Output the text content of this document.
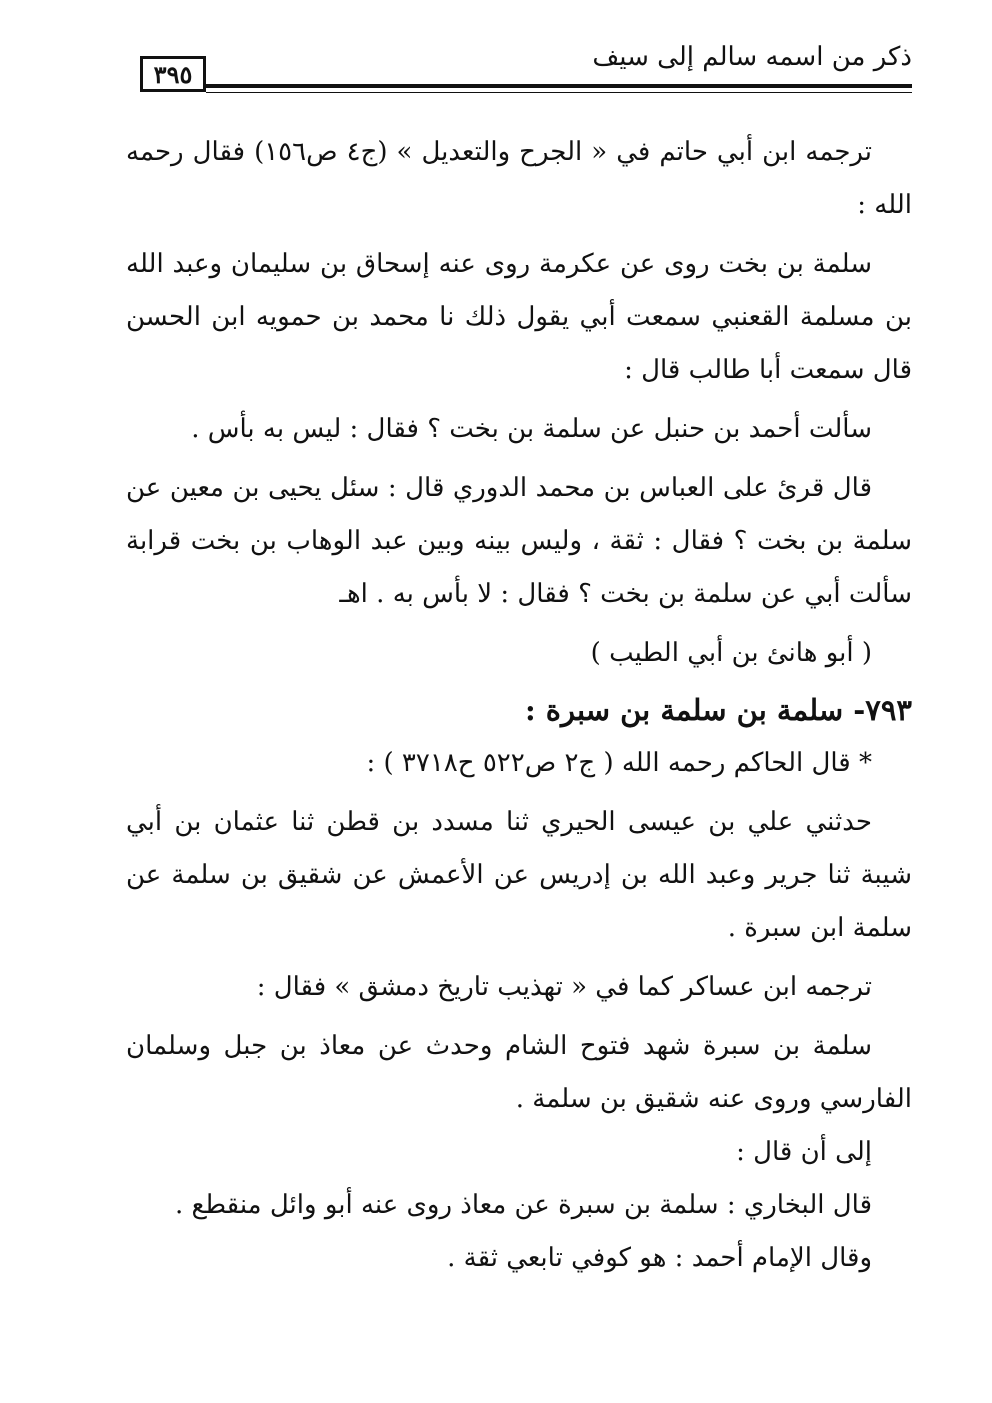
٣٩٥
ذكر من اسمه سالم إلى سيف

ترجمه ابن أبي حاتم في « الجرح والتعديل » (ج٤ ص١٥٦) فقال رحمه الله :

سلمة بن بخت روى عن عكرمة روى عنه إسحاق بن سليمان وعبد الله بن مسلمة القعنبي سمعت أبي يقول ذلك نا محمد بن حمويه ابن الحسن قال سمعت أبا طالب قال :

سألت أحمد بن حنبل عن سلمة بن بخت ؟ فقال : ليس به بأس .

قال قرئ على العباس بن محمد الدوري قال : سئل يحيى بن معين عن سلمة بن بخت ؟ فقال : ثقة ، وليس بينه وبين عبد الوهاب بن بخت قرابة سألت أبي عن سلمة بن بخت ؟ فقال : لا بأس به . اهـ

( أبو هانئ بن أبي الطيب )

٧٩٣- سلمة بن سلمة بن سبرة :

* قال الحاكم رحمه الله ( ج٢ ص٥٢٢ ح٣٧١٨ ) :

حدثني علي بن عيسى الحيري ثنا مسدد بن قطن ثنا عثمان بن أبي شيبة ثنا جرير وعبد الله بن إدريس عن الأعمش عن شقيق بن سلمة عن سلمة ابن سبرة .

ترجمه ابن عساكر كما في « تهذيب تاريخ دمشق » فقال :

سلمة بن سبرة شهد فتوح الشام وحدث عن معاذ بن جبل وسلمان الفارسي وروى عنه شقيق بن سلمة .

إلى أن قال :

قال البخاري : سلمة بن سبرة عن معاذ روى عنه أبو وائل منقطع .

وقال الإمام أحمد : هو كوفي تابعي ثقة .
